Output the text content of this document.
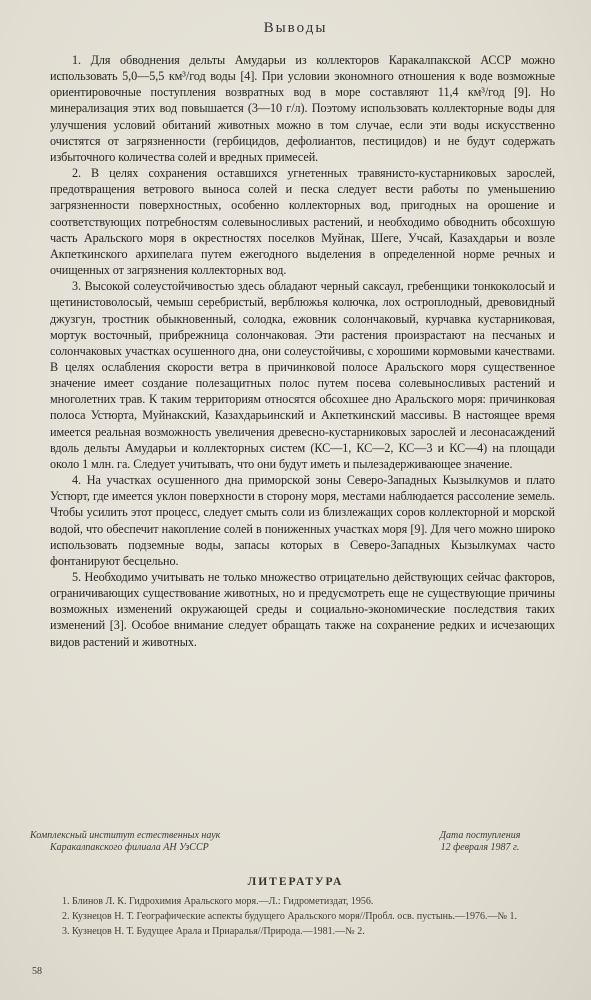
Выводы

1. Для обводнения дельты Амударьи из коллекторов Каракалпакской АССР можно использовать 5,0—5,5 км³/год воды [4]. При условии экономного отношения к воде возможные ориентировочные поступления возвратных вод в море составляют 11,4 км³/год [9]. Но минерализация этих вод повышается (3—10 г/л). Поэтому использовать коллекторные воды для улучшения условий обитаний животных можно в том случае, если эти воды искусственно очистятся от загрязненности (гербицидов, дефолиантов, пестицидов) и не будут содержать избыточного количества солей и вредных примесей.

2. В целях сохранения оставшихся угнетенных травянисто-кустарниковых зарослей, предотвращения ветрового выноса солей и песка следует вести работы по уменьшению загрязненности поверхностных, особенно коллекторных вод, пригодных на орошение и соответствующих потребностям солевыносливых растений, и необходимо обводнить обсохшую часть Аральского моря в окрестностях поселков Муйнак, Шеге, Учсай, Казахдарьи и возле Акпеткинского архипелага путем ежегодного выделения в определенной норме речных и очищенных от загрязнения коллекторных вод.

3. Высокой солеустойчивостью здесь обладают черный саксаул, гребенщики тонкоколосый и щетинистоволосый, чемыш серебристый, верблюжья колючка, лох остроплодный, древовидный джузгун, тростник обыкновенный, солодка, ежовник солончаковый, курчавка кустарниковая, мортук восточный, прибрежница солончаковая. Эти растения произрастают на песчаных и солончаковых участках осушенного дна, они солеустойчивы, с хорошими кормовыми качествами. В целях ослабления скорости ветра в причинковой полосе Аральского моря существенное значение имеет создание полезащитных полос путем посева солевыносливых растений и многолетних трав. К таким территориям относятся обсохшее дно Аральского моря: причинковая полоса Устюрта, Муйнакский, Казахдарьинский и Акпеткинский массивы. В настоящее время имеется реальная возможность увеличения древесно-кустарниковых зарослей и лесонасаждений вдоль дельты Амударьи и коллекторных систем (КС—1, КС—2, КС—3 и КС—4) на площади около 1 млн. га. Следует учитывать, что они будут иметь и пылезадерживающее значение.

4. На участках осушенного дна приморской зоны Северо-Западных Кызылкумов и плато Устюрт, где имеется уклон поверхности в сторону моря, местами наблюдается рассоление земель. Чтобы усилить этот процесс, следует смыть соли из близлежащих соров коллекторной и морской водой, что обеспечит накопление солей в пониженных участках моря [9]. Для чего можно широко использовать подземные воды, запасы которых в Северо-Западных Кызылкумах часто фонтанируют бесцельно.

5. Необходимо учитывать не только множество отрицательно действующих сейчас факторов, ограничивающих существование животных, но и предусмотреть еще не существующие причины возможных изменений окружающей среды и социально-экономические последствия таких изменений [3]. Особое внимание следует обращать также на сохранение редких и исчезающих видов растений и животных.

Комплексный институт естественных наук
Каракалпакского филиала АН УзССР
Дата поступления
12 февраля 1987 г.
ЛИТЕРАТУРА

1. Блинов Л. К. Гидрохимия Аральского моря.—Л.: Гидрометиздат, 1956.

2. Кузнецов Н. Т. Географические аспекты будущего Аральского моря//Пробл. осв. пустынь.—1976.—№ 1.

3. Кузнецов Н. Т. Будущее Арала и Приаралья//Природа.—1981.—№ 2.

58
